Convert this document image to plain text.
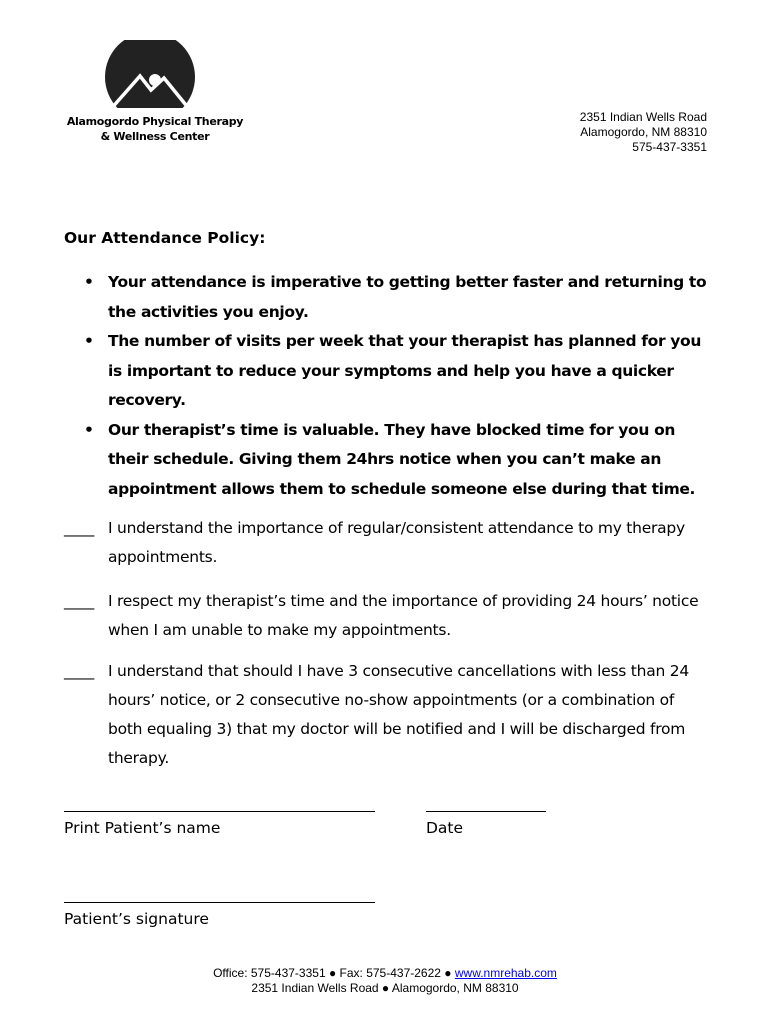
Alamogordo Physical Therapy
& Wellness Center
2351 Indian Wells Road
Alamogordo, NM 88310
575-437-3351
Our Attendance Policy:
• Your attendance is imperative to getting better faster and returning to the activities you enjoy.
• The number of visits per week that your therapist has planned for you is important to reduce your symptoms and help you have a quicker recovery.
• Our therapist’s time is valuable. They have blocked time for you on their schedule. Giving them 24hrs notice when you can’t make an appointment allows them to schedule someone else during that time.
____ I understand the importance of regular/consistent attendance to my therapy appointments.
____ I respect my therapist’s time and the importance of providing 24 hours’ notice when I am unable to make my appointments.
____ I understand that should I have 3 consecutive cancellations with less than 24 hours’ notice, or 2 consecutive no-show appointments (or a combination of both equaling 3) that my doctor will be notified and I will be discharged from therapy.
Print Patient’s name	Date
Patient’s signature
Office: 575-437-3351 ● Fax: 575-437-2622 ● www.nmrehab.com
2351 Indian Wells Road ● Alamogordo, NM 88310
